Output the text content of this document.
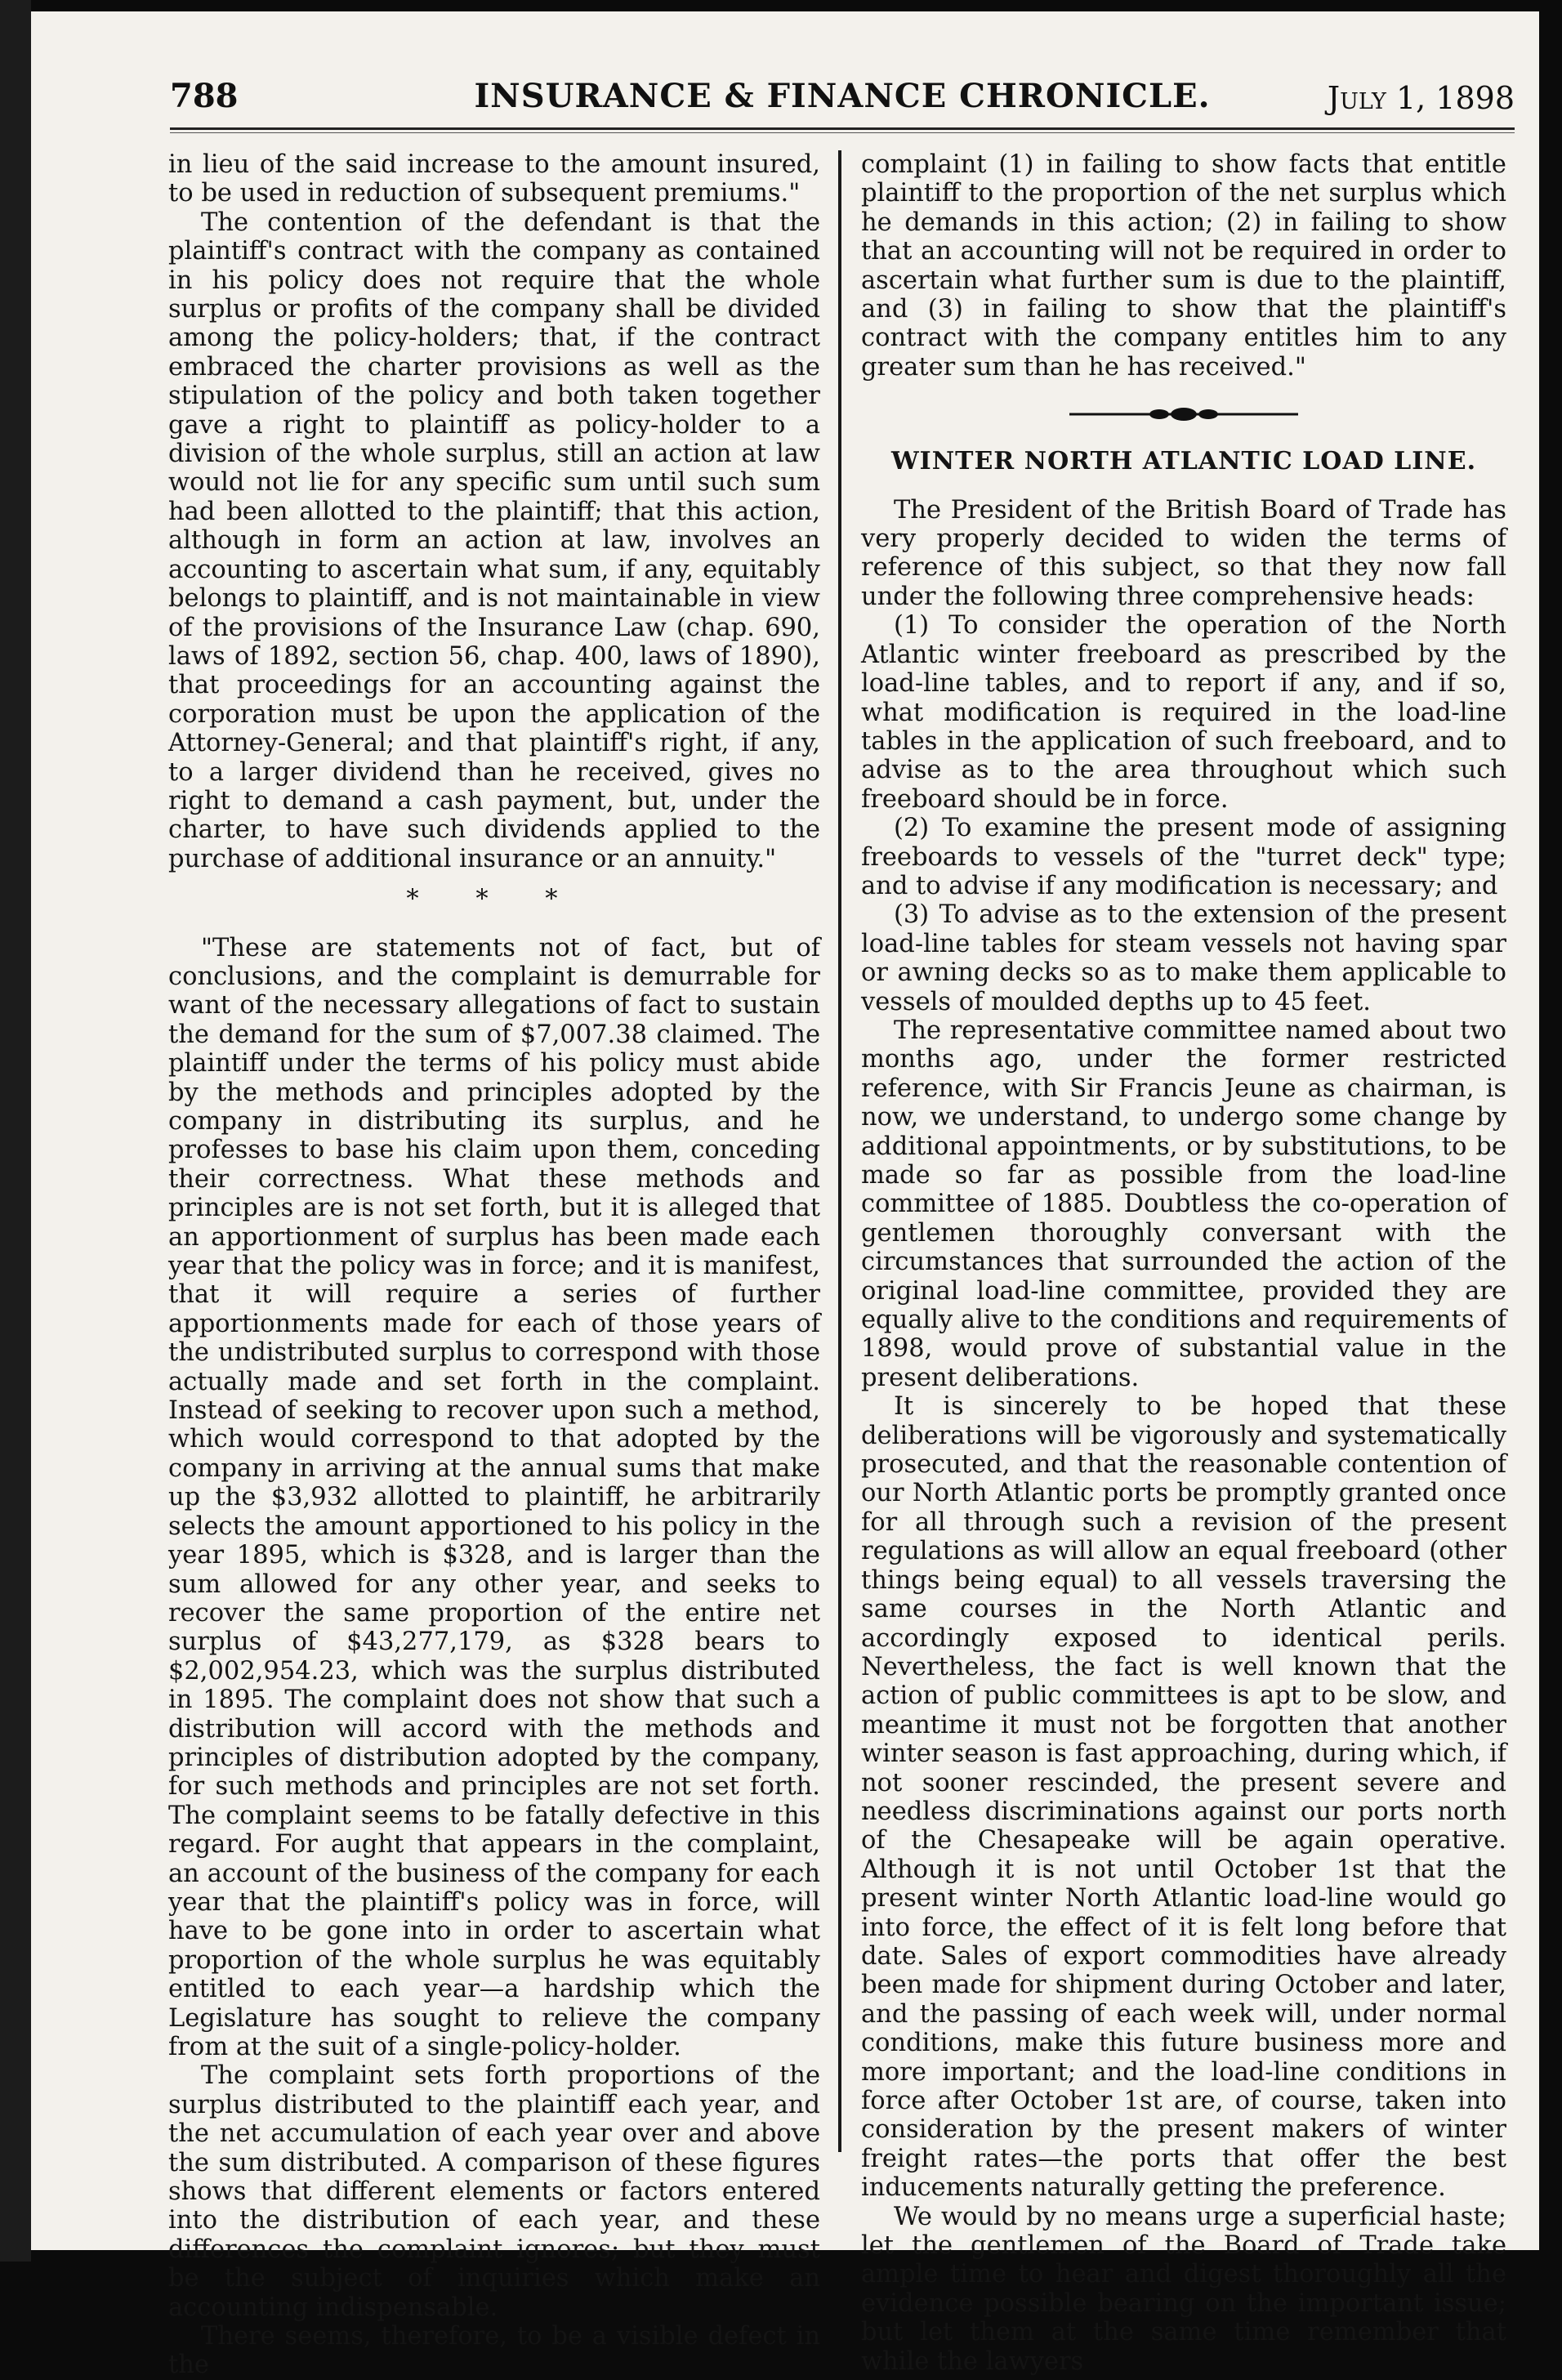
788	INSURANCE & FINANCE CHRONICLE.	July 1, 1898

in lieu of the said increase to the amount insured, to be used in reduction of subsequent premiums."

The contention of the defendant is that the plaintiff's contract with the company as contained in his policy does not require that the whole surplus or profits of the company shall be divided among the policy-holders; that, if the contract embraced the charter provisions as well as the stipulation of the policy and both taken together gave a right to plaintiff as policy-holder to a division of the whole surplus, still an action at law would not lie for any specific sum until such sum had been allotted to the plaintiff; that this action, although in form an action at law, involves an accounting to ascertain what sum, if any, equitably belongs to plaintiff, and is not maintainable in view of the provisions of the Insurance Law (chap. 690, laws of 1892, section 56, chap. 400, laws of 1890), that proceedings for an accounting against the corporation must be upon the application of the Attorney-General; and that plaintiff's right, if any, to a larger dividend than he received, gives no right to demand a cash payment, but, under the charter, to have such dividends applied to the purchase of additional insurance or an annuity."

* * *

"These are statements not of fact, but of conclusions, and the complaint is demurrable for want of the necessary allegations of fact to sustain the demand for the sum of $7,007.38 claimed. The plaintiff under the terms of his policy must abide by the methods and principles adopted by the company in distributing its surplus, and he professes to base his claim upon them, conceding their correctness. What these methods and principles are is not set forth, but it is alleged that an apportionment of surplus has been made each year that the policy was in force; and it is manifest, that it will require a series of further apportionments made for each of those years of the undistributed surplus to correspond with those actually made and set forth in the complaint. Instead of seeking to recover upon such a method, which would correspond to that adopted by the company in arriving at the annual sums that make up the $3,932 allotted to plaintiff, he arbitrarily selects the amount apportioned to his policy in the year 1895, which is $328, and is larger than the sum allowed for any other year, and seeks to recover the same proportion of the entire net surplus of $43,277,179, as $328 bears to $2,002,954.23, which was the surplus distributed in 1895. The complaint does not show that such a distribution will accord with the methods and principles of distribution adopted by the company, for such methods and principles are not set forth. The complaint seems to be fatally defective in this regard. For aught that appears in the complaint, an account of the business of the company for each year that the plaintiff's policy was in force, will have to be gone into in order to ascertain what proportion of the whole surplus he was equitably entitled to each year—a hardship which the Legislature has sought to relieve the company from at the suit of a single-policy-holder.

The complaint sets forth proportions of the surplus distributed to the plaintiff each year, and the net accumulation of each year over and above the sum distributed. A comparison of these figures shows that different elements or factors entered into the distribution of each year, and these differences the complaint ignores; but they must be the subject of inquiries which make an accounting indispensable.

There seems, therefore, to be a visible defect in the

complaint (1) in failing to show facts that entitle plaintiff to the proportion of the net surplus which he demands in this action; (2) in failing to show that an accounting will not be required in order to ascertain what further sum is due to the plaintiff, and (3) in failing to show that the plaintiff's contract with the company entitles him to any greater sum than he has received."

WINTER NORTH ATLANTIC LOAD LINE.

The President of the British Board of Trade has very properly decided to widen the terms of reference of this subject, so that they now fall under the following three comprehensive heads:

(1) To consider the operation of the North Atlantic winter freeboard as prescribed by the load-line tables, and to report if any, and if so, what modification is required in the load-line tables in the application of such freeboard, and to advise as to the area throughout which such freeboard should be in force.

(2) To examine the present mode of assigning freeboards to vessels of the "turret deck" type; and to advise if any modification is necessary; and

(3) To advise as to the extension of the present load-line tables for steam vessels not having spar or awning decks so as to make them applicable to vessels of moulded depths up to 45 feet.

The representative committee named about two months ago, under the former restricted reference, with Sir Francis Jeune as chairman, is now, we understand, to undergo some change by additional appointments, or by substitutions, to be made so far as possible from the load-line committee of 1885. Doubtless the co-operation of gentlemen thoroughly conversant with the circumstances that surrounded the action of the original load-line committee, provided they are equally alive to the conditions and requirements of 1898, would prove of substantial value in the present deliberations.

It is sincerely to be hoped that these deliberations will be vigorously and systematically prosecuted, and that the reasonable contention of our North Atlantic ports be promptly granted once for all through such a revision of the present regulations as will allow an equal freeboard (other things being equal) to all vessels traversing the same courses in the North Atlantic and accordingly exposed to identical perils. Nevertheless, the fact is well known that the action of public committees is apt to be slow, and meantime it must not be forgotten that another winter season is fast approaching, during which, if not sooner rescinded, the present severe and needless discriminations against our ports north of the Chesapeake will be again operative. Although it is not until October 1st that the present winter North Atlantic load-line would go into force, the effect of it is felt long before that date. Sales of export commodities have already been made for shipment during October and later, and the passing of each week will, under normal conditions, make this future business more and more important; and the load-line conditions in force after October 1st are, of course, taken into consideration by the present makers of winter freight rates—the ports that offer the best inducements naturally getting the preference.

We would by no means urge a superficial haste; let the gentlemen of the Board of Trade take ample time to hear and digest thoroughly all the evidence possible bearing on the important issue; but let them at the same time remember that while the lawyers
